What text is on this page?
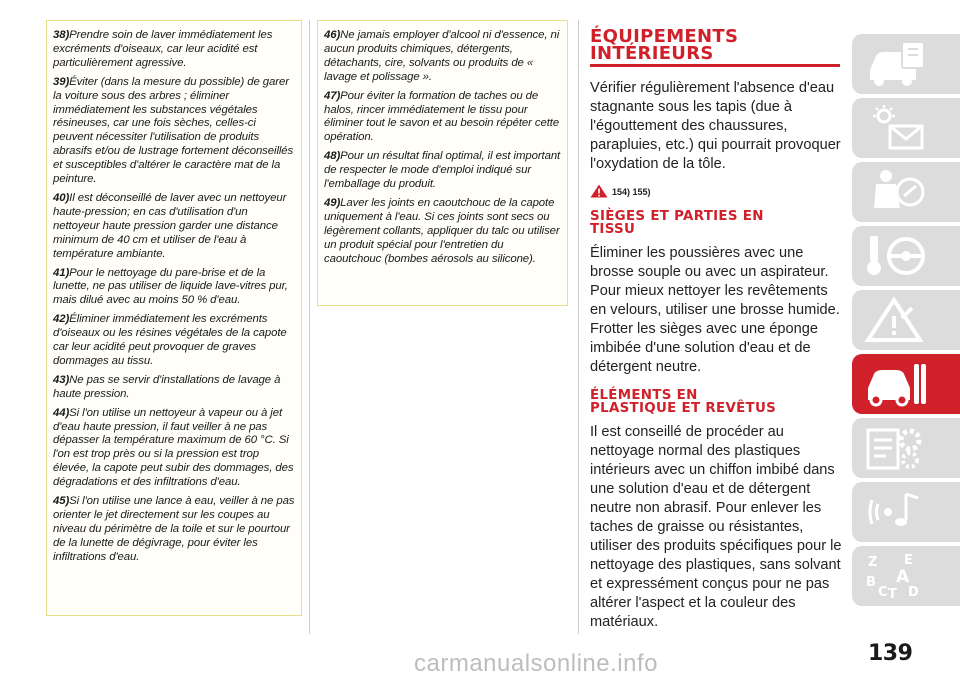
38)Prendre soin de laver immédiatement les excréments d'oiseaux, car leur acidité est particulièrement agressive.

39)Éviter (dans la mesure du possible) de garer la voiture sous des arbres ; éliminer immédiatement les substances végétales résineuses, car une fois sèches, celles-ci peuvent nécessiter l'utilisation de produits abrasifs et/ou de lustrage fortement déconseillés et susceptibles d'altérer le caractère mat de la peinture.

40)Il est déconseillé de laver avec un nettoyeur haute-pression; en cas d'utilisation d'un nettoyeur haute pression garder une distance minimum de 40 cm et utiliser de l'eau à température ambiante.

41)Pour le nettoyage du pare-brise et de la lunette, ne pas utiliser de liquide lave-vitres pur, mais dilué avec au moins 50 % d'eau.

42)Éliminer immédiatement les excréments d'oiseaux ou les résines végétales de la capote car leur acidité peut provoquer de graves dommages au tissu.

43)Ne pas se servir d'installations de lavage à haute pression.

44)Si l'on utilise un nettoyeur à vapeur ou à jet d'eau haute pression, il faut veiller à ne pas dépasser la température maximum de 60 °C. Si l'on est trop près ou si la pression est trop élevée, la capote peut subir des dommages, des dégradations et des infiltrations d'eau.

45)Si l'on utilise une lance à eau, veiller à ne pas orienter le jet directement sur les coupes au niveau du périmètre de la toile et sur le pourtour de la lunette de dégivrage, pour éviter les infiltrations d'eau.

46)Ne jamais employer d'alcool ni d'essence, ni aucun produits chimiques, détergents, détachants, cire, solvants ou produits de « lavage et polissage ».

47)Pour éviter la formation de taches ou de halos, rincer immédiatement le tissu pour éliminer tout le savon et au besoin répéter cette opération.

48)Pour un résultat final optimal, il est important de respecter le mode d'emploi indiqué sur l'emballage du produit.

49)Laver les joints en caoutchouc de la capote uniquement à l'eau. Si ces joints sont secs ou légèrement collants, appliquer du talc ou utiliser un produit spécial pour l'entretien du caoutchouc (bombes aérosols au silicone).

ÉQUIPEMENTS
INTÉRIEURS

Vérifier régulièrement l'absence d'eau stagnante sous les tapis (due à l'égouttement des chaussures, parapluies, etc.) qui pourrait provoquer l'oxydation de la tôle.

154) 155)
SIÈGES ET PARTIES EN
TISSU

Éliminer les poussières avec une brosse souple ou avec un aspirateur. Pour mieux nettoyer les revêtements en velours, utiliser une brosse humide. Frotter les sièges avec une éponge imbibée d'une solution d'eau et de détergent neutre.

ÉLÉMENTS EN
PLASTIQUE ET REVÊTUS

Il est conseillé de procéder au nettoyage normal des plastiques intérieurs avec un chiffon imbibé dans une solution d'eau et de détergent neutre non abrasif. Pour enlever les taches de graisse ou résistantes, utiliser des produits spécifiques pour le nettoyage des plastiques, sans solvant et expressément conçus pour ne pas altérer l'aspect et la couleur des matériaux.

Z E
B A
C T D
139
carmanualsonline.info
